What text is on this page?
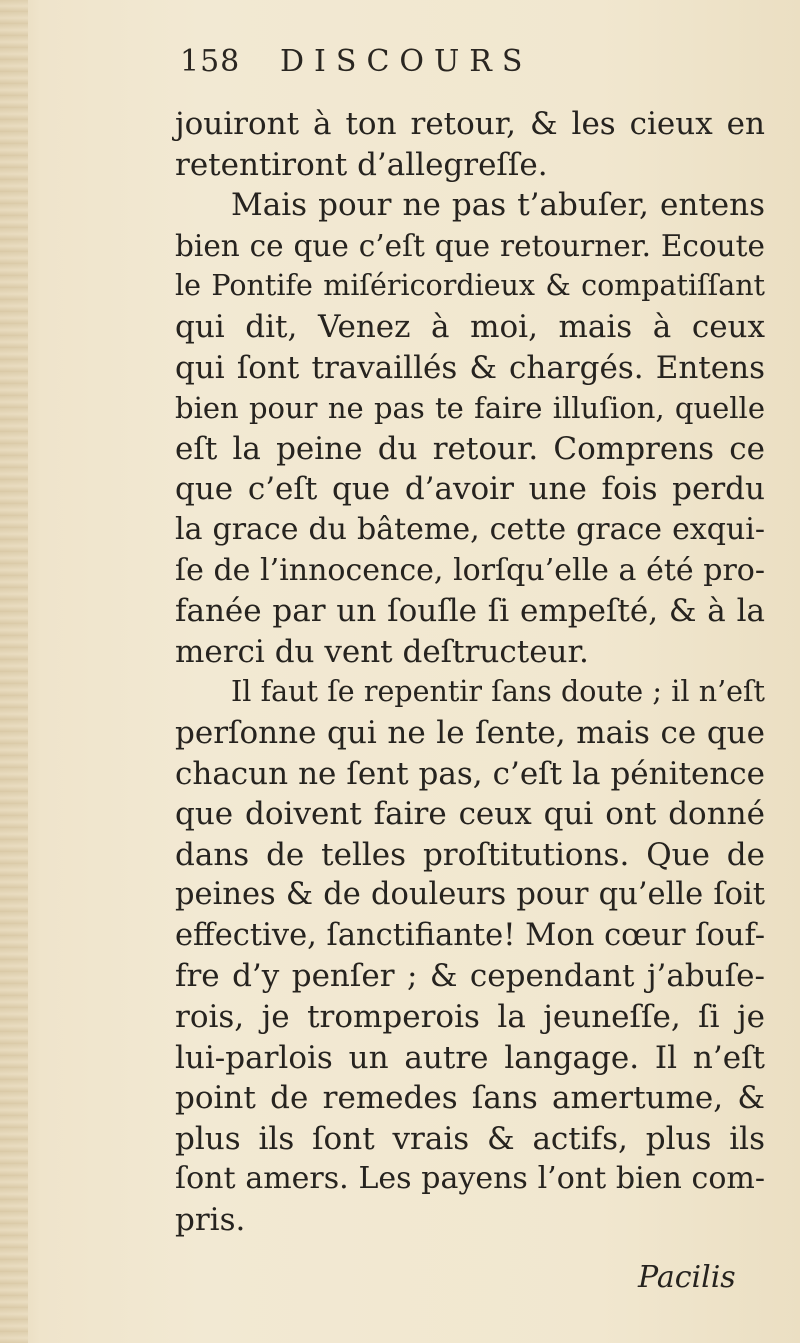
158 DISCOURS
jouiront à ton retour, & les cieux en
retentiront d’allegreſſe.
Mais pour ne pas t’abuſer, entens
bien ce que c’eſt que retourner. Ecoute
le Pontife miſéricordieux & compatiſſant
qui dit, Venez à moi, mais à ceux
qui ſont travaillés & chargés. Entens
bien pour ne pas te faire illuſion, quelle
eſt la peine du retour. Comprens ce
que c’eſt que d’avoir une fois perdu
la grace du bâteme, cette grace exqui-
ſe de l’innocence, lorſqu’elle a été pro-
fanée par un ſouſle ſi empeſté, & à la
merci du vent deſtructeur.
Il faut ſe repentir ſans doute ; il n’eſt
perſonne qui ne le ſente, mais ce que
chacun ne ſent pas, c’eſt la pénitence
que doivent faire ceux qui ont donné
dans de telles proſtitutions. Que de
peines & de douleurs pour qu’elle ſoit
effective, ſanctifiante! Mon cœur ſouf-
fre d’y penſer ; & cependant j’abuſe-
rois, je tromperois la jeuneſſe, ſi je
lui-parlois un autre langage. Il n’eſt
point de remedes ſans amertume, &
plus ils ſont vrais & actifs, plus ils
ſont amers. Les payens l’ont bien com-
pris.
Pacilis
